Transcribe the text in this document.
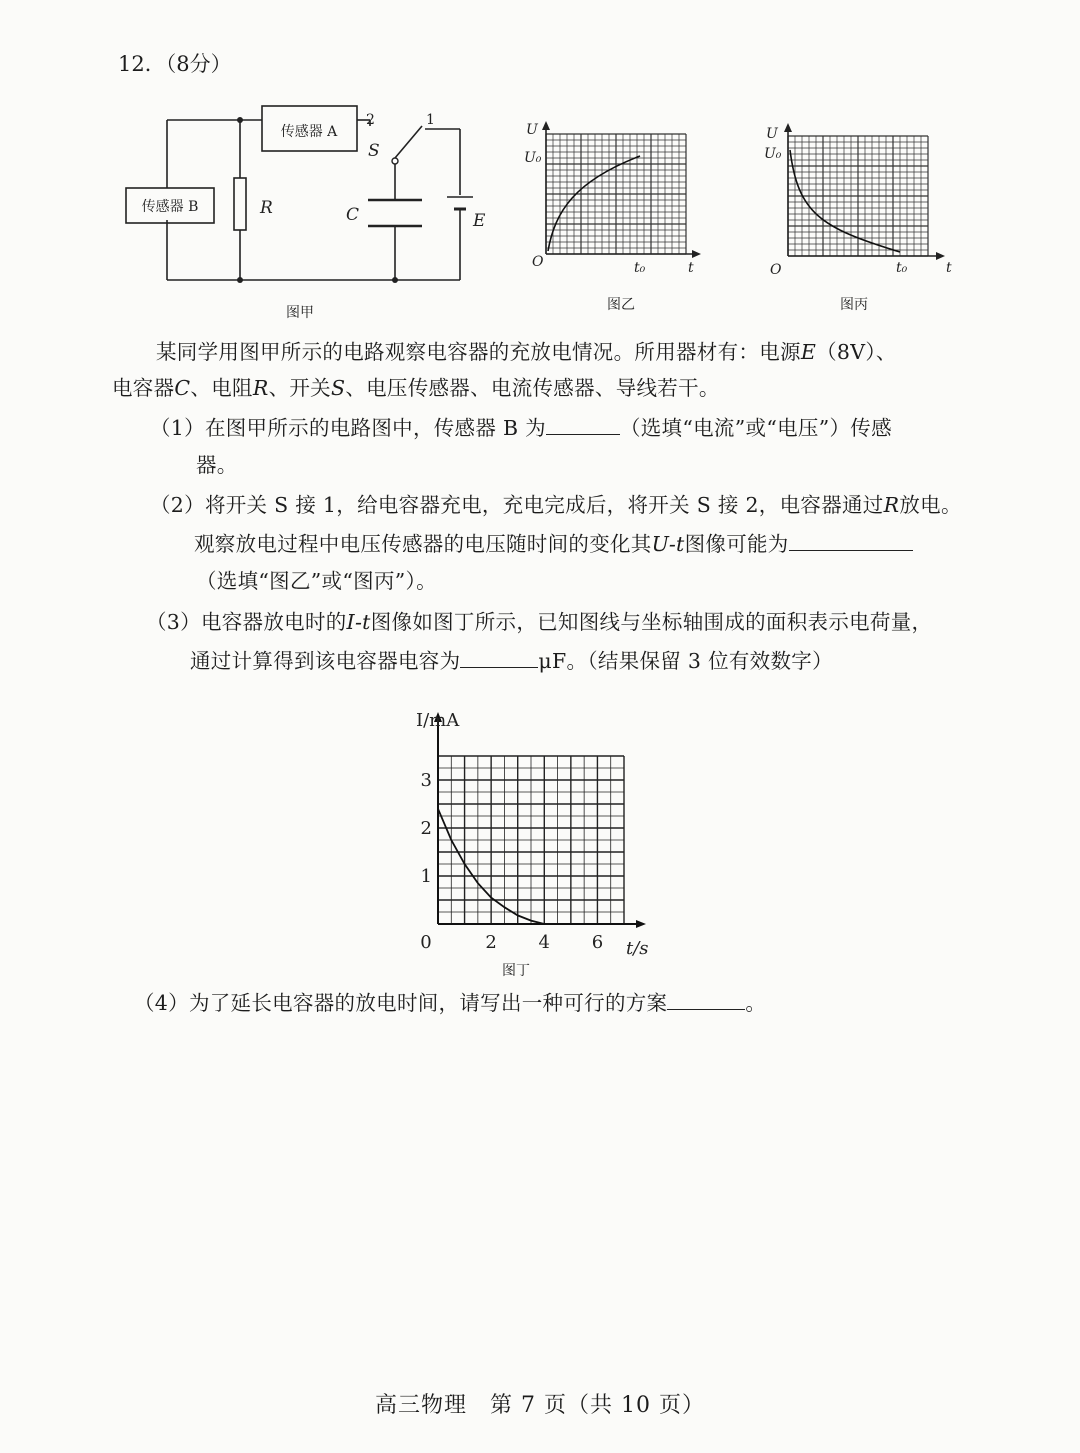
12．（8分）
传感器 A
传感器 B	R	C	E
S
1
2
图甲
U
U₀
O	t₀	t
图乙
U
U₀
O	t₀	t
图丙
某同学用图甲所示的电路观察电容器的充放电情况。所用器材有：电源E（8V）、
电容器C、电阻R、开关S、电压传感器、电流传感器、导线若干。
（1）在图甲所示的电路图中，传感器 B 为	（选填“电流”或“电压”）传感
器。
（2）将开关 S 接 1，给电容器充电，充电完成后，将开关 S 接 2，电容器通过R放电。
观察放电过程中电压传感器的电压随时间的变化其U-t图像可能为
（选填“图乙”或“图丙”）。
（3）电容器放电时的I-t图像如图丁所示，已知图线与坐标轴围成的面积表示电荷量，
通过计算得到该电容器电容为	μF。（结果保留 3 位有效数字）
0	2 4 6
1
2
3
I/mA
t/s
图丁
（4）为了延长电容器的放电时间，请写出一种可行的方案	。
高三物理　第 7 页（共 10 页）
